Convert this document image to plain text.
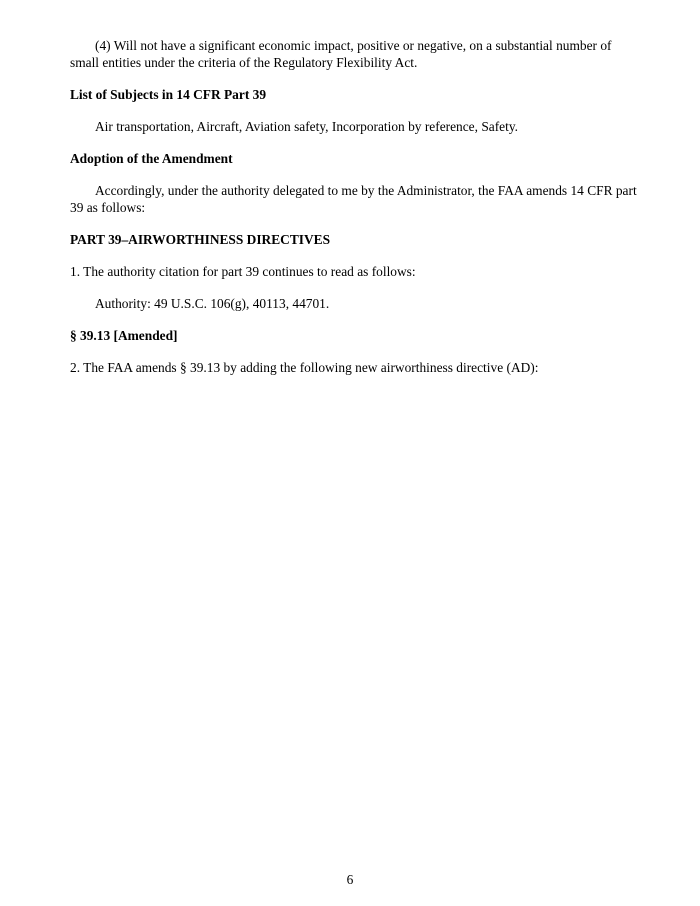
(4) Will not have a significant economic impact, positive or negative, on a substantial number of small entities under the criteria of the Regulatory Flexibility Act.

List of Subjects in 14 CFR Part 39

Air transportation, Aircraft, Aviation safety, Incorporation by reference, Safety.

Adoption of the Amendment

Accordingly, under the authority delegated to me by the Administrator, the FAA amends 14 CFR part 39 as follows:

PART 39–AIRWORTHINESS DIRECTIVES

1. The authority citation for part 39 continues to read as follows:

Authority: 49 U.S.C. 106(g), 40113, 44701.

§ 39.13 [Amended]

2. The FAA amends § 39.13 by adding the following new airworthiness directive (AD):

6
